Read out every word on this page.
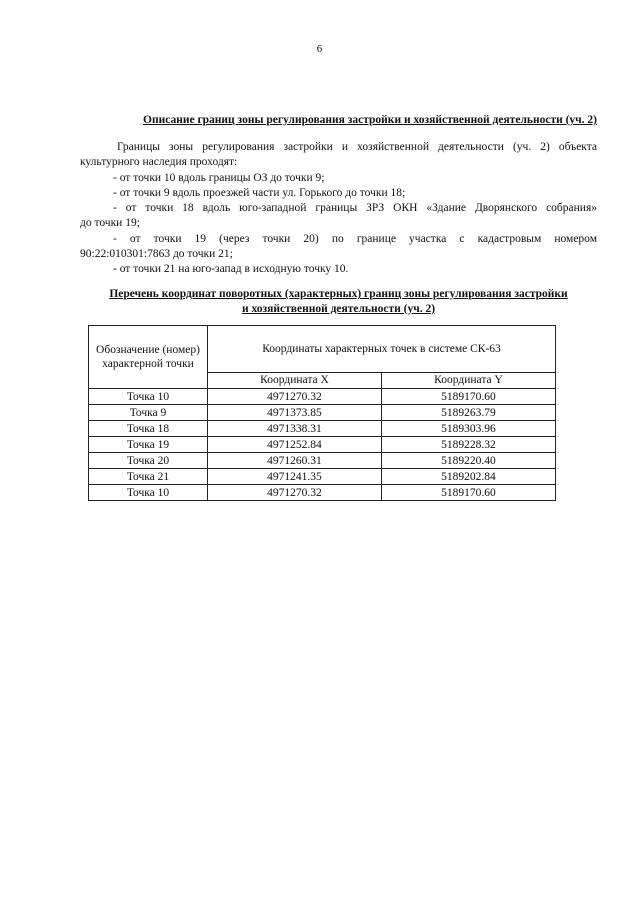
6
Описание границ зоны регулирования застройки и хозяйственной деятельности (уч. 2)
Границы зоны регулирования застройки и хозяйственной деятельности (уч. 2) объекта
культурного наследия проходят:
- от точки 10 вдоль границы ОЗ до точки 9;
- от точки 9 вдоль проезжей части ул. Горького до точки 18;
- от точки 18 вдоль юго-западной границы ЗРЗ ОКН «Здание Дворянского собрания»
до точки 19;
- от точки 19 (через точки 20) по границе участка с кадастровым номером
90:22:010301:7863 до точки 21;
- от точки 21 на юго-запад в исходную точку 10.
Перечень координат поворотных (характерных) границ зоны регулирования застройки
и хозяйственной деятельности (уч. 2)
Обозначение (номер) характерной точки	Координаты характерных точек в системе СК-63	
	Координата X	Координата Y
Точка 10	4971270.32	5189170.60
Точка 9	4971373.85	5189263.79
Точка 18	4971338.31	5189303.96
Точка 19	4971252.84	5189228.32
Точка 20	4971260.31	5189220.40
Точка 21	4971241.35	5189202.84
Точка 10	4971270.32	5189170.60
